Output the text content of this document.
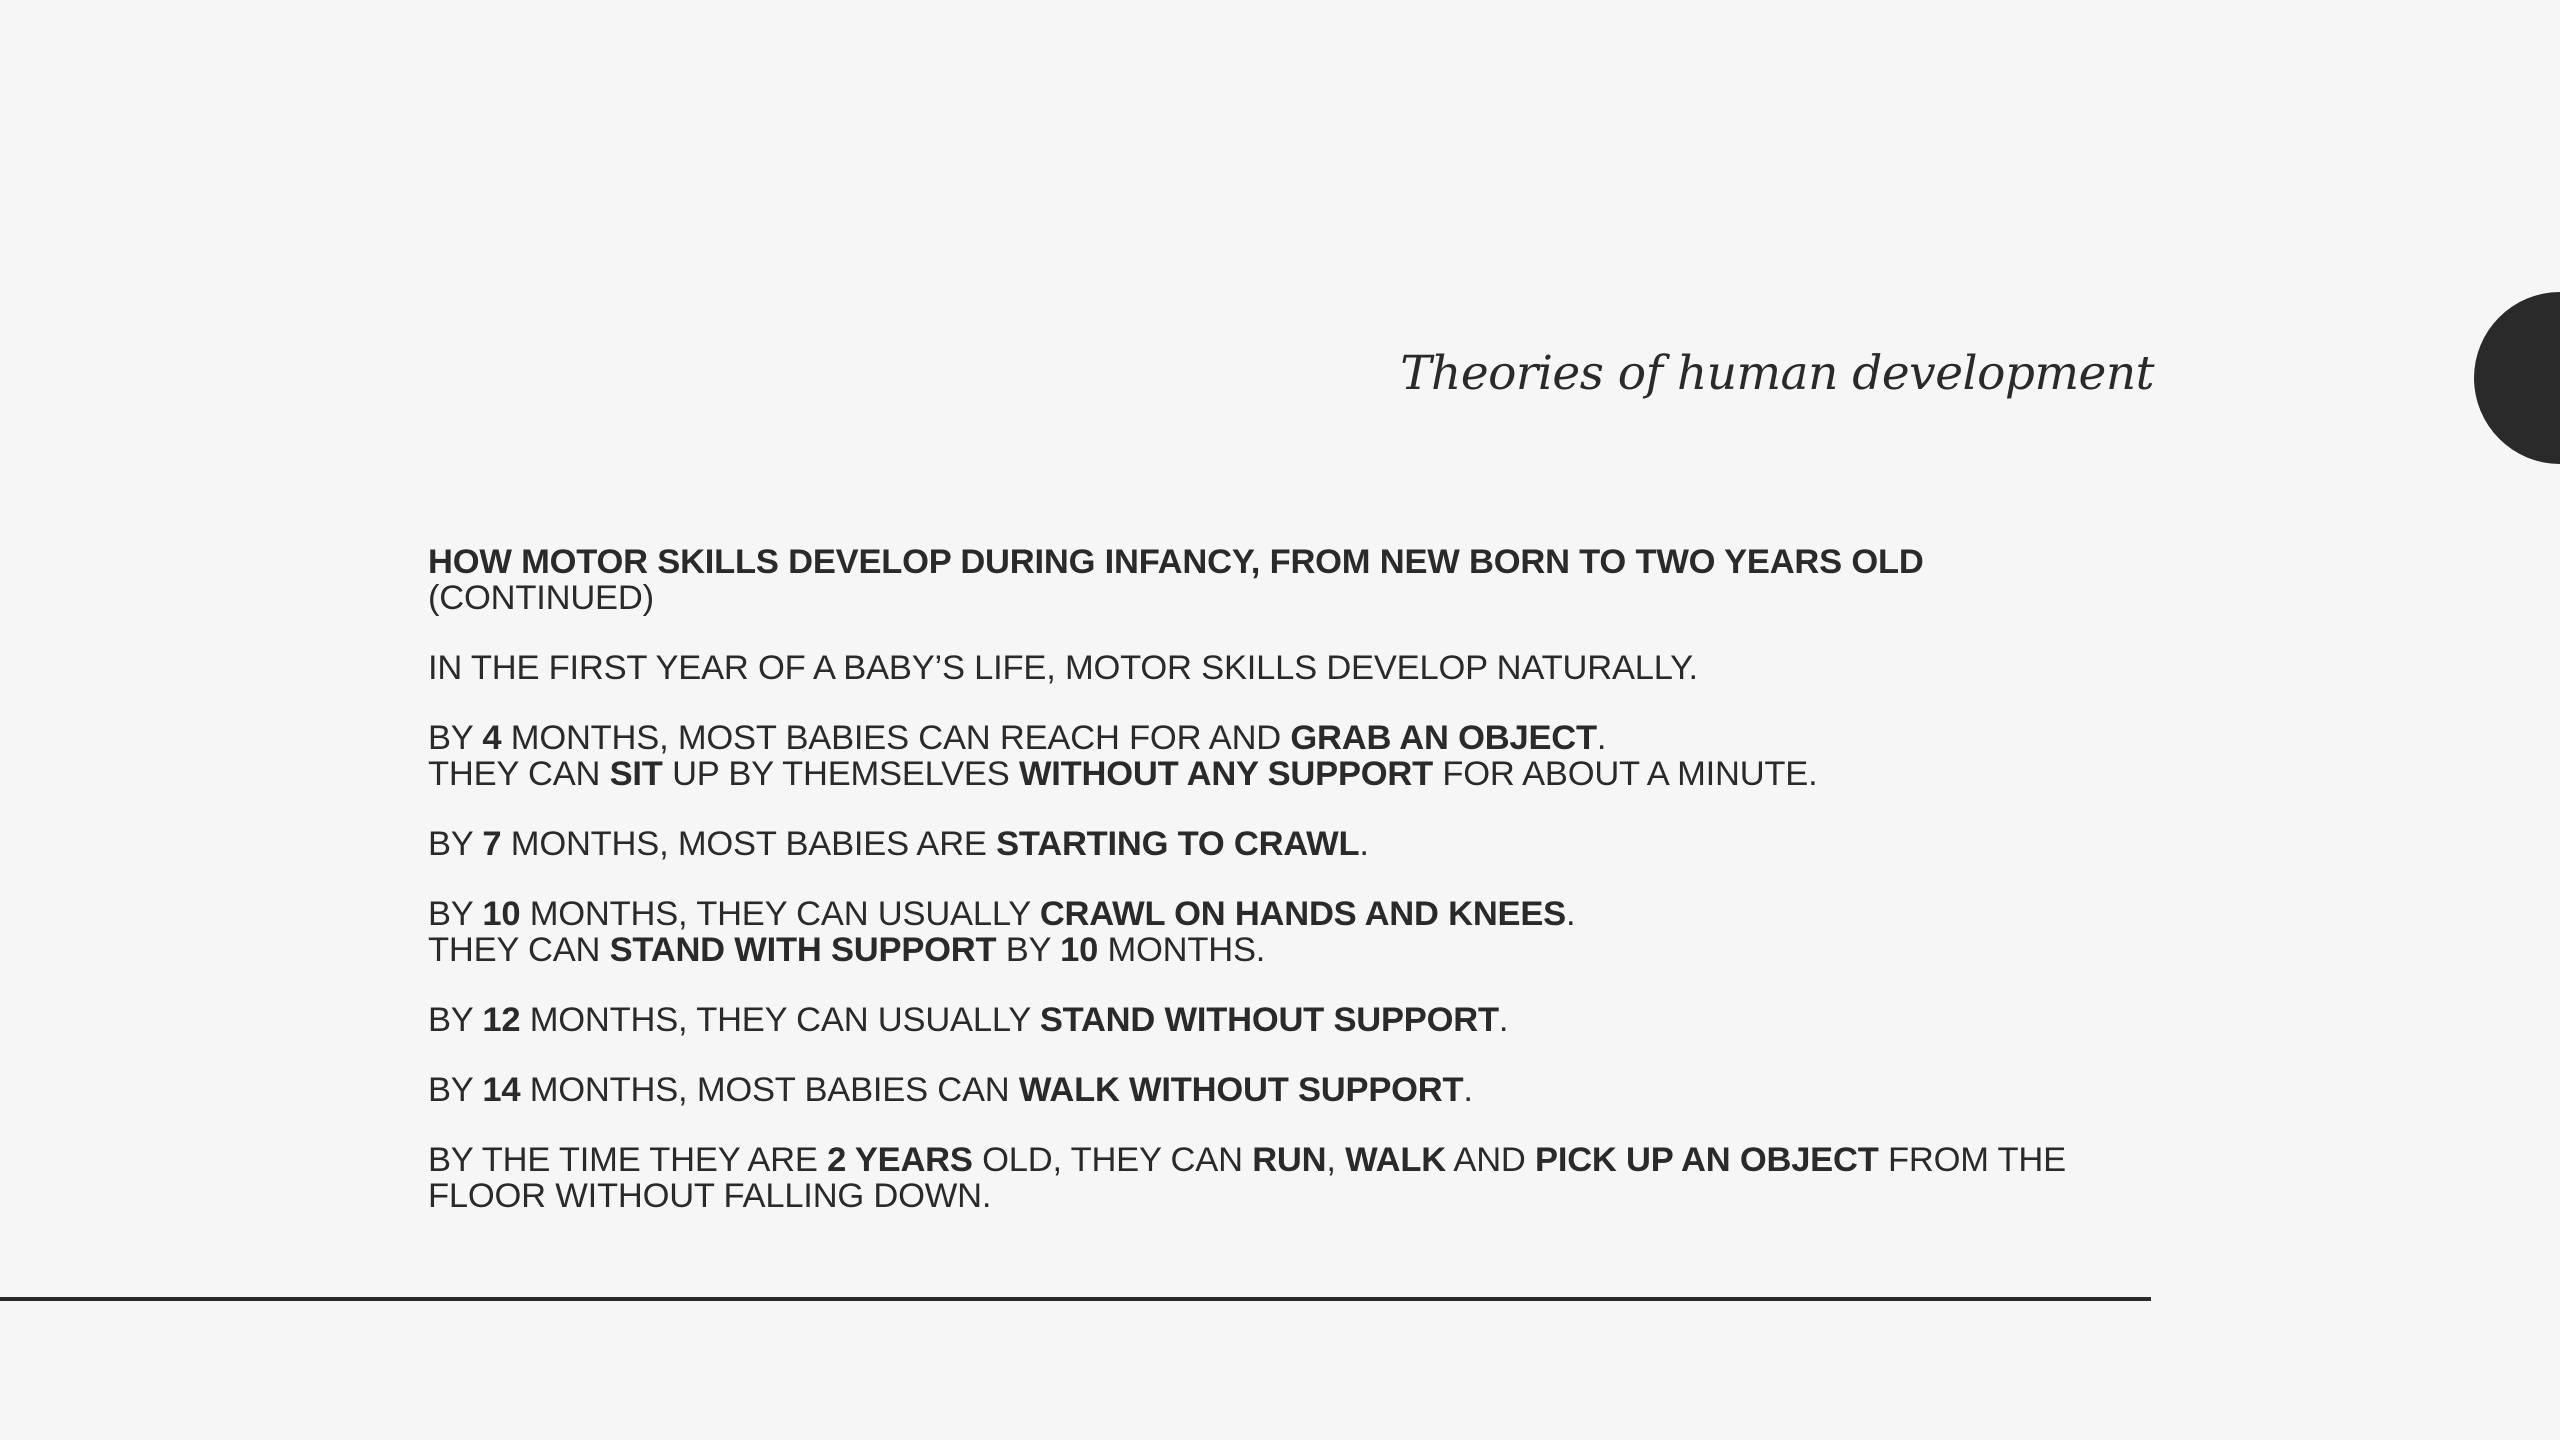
Theories of human development

HOW MOTOR SKILLS DEVELOP DURING INFANCY, FROM NEW BORN TO TWO YEARS OLD
(CONTINUED)

IN THE FIRST YEAR OF A BABY’S LIFE, MOTOR SKILLS DEVELOP NATURALLY.

BY 4 MONTHS, MOST BABIES CAN REACH FOR AND GRAB AN OBJECT.
THEY CAN SIT UP BY THEMSELVES WITHOUT ANY SUPPORT FOR ABOUT A MINUTE.

BY 7 MONTHS, MOST BABIES ARE STARTING TO CRAWL.

BY 10 MONTHS, THEY CAN USUALLY CRAWL ON HANDS AND KNEES.
THEY CAN STAND WITH SUPPORT BY 10 MONTHS.

BY 12 MONTHS, THEY CAN USUALLY STAND WITHOUT SUPPORT.

BY 14 MONTHS, MOST BABIES CAN WALK WITHOUT SUPPORT.

BY THE TIME THEY ARE 2 YEARS OLD, THEY CAN RUN, WALK AND PICK UP AN OBJECT FROM THE FLOOR WITHOUT FALLING DOWN.
